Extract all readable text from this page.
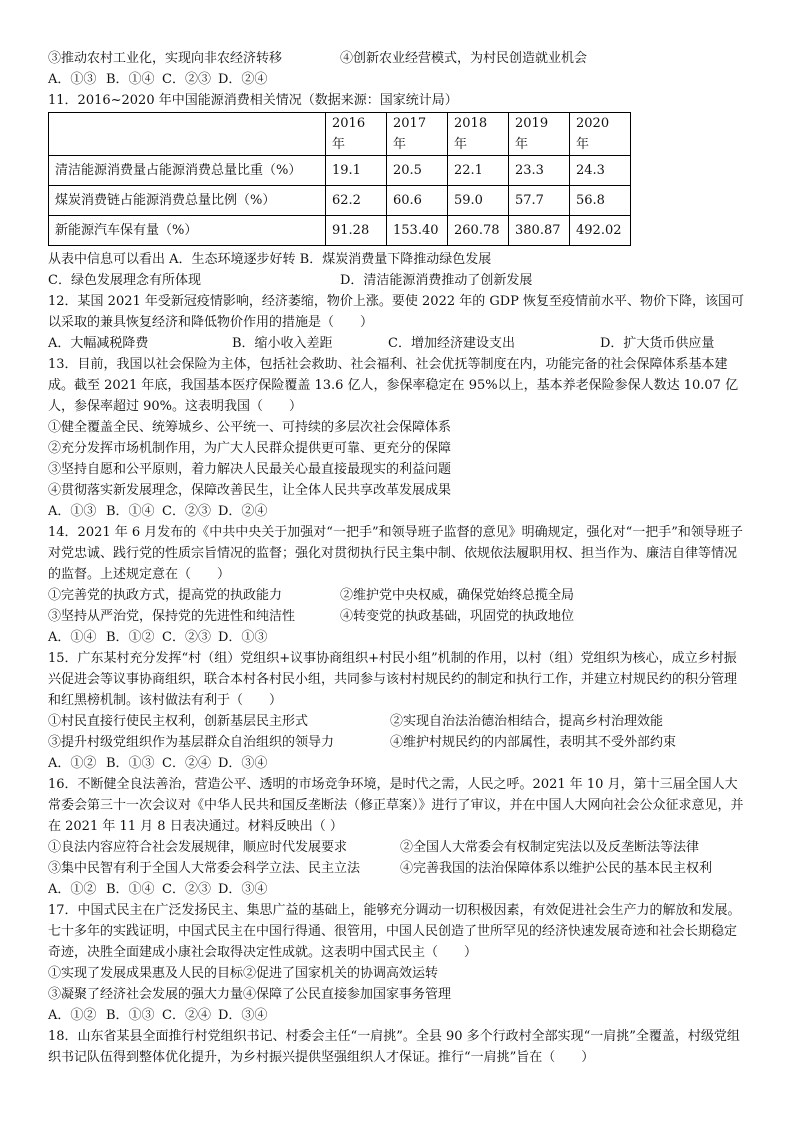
③推动农村工业化，实现向非农经济转移	④创新农业经营模式，为村民创造就业机会
A．①③ B．①④ C．②③ D．②④
11．2016~2020 年中国能源消费相关情况（数据来源：国家统计局）
	2016 年	2017 年	2018 年	2019 年	2020 年
清洁能源消费量占能源消费总量比重（%）	19.1	20.5	22.1	23.3	24.3
煤炭消费链占能源消费总量比例（%）	62.2	60.6	59.0	57.7	56.8
新能源汽车保有量（%）	91.28	153.40	260.78	380.87	492.02
从表中信息可以看出 A．生态环境逐步好转 B．煤炭消费量下降推动绿色发展
C．绿色发展理念有所体现	D．清洁能源消费推动了创新发展
12．某国 2021 年受新冠疫情影响，经济萎缩，物价上涨。要使 2022 年的 GDP 恢复至疫情前水平、物价下降，该国可以采取的兼具恢复经济和降低物价作用的措施是（　　）
A．大幅减税降费	B．缩小收入差距	C．增加经济建设支出	D．扩大货币供应量
13．目前，我国以社会保险为主体，包括社会救助、社会福利、社会优抚等制度在内，功能完备的社会保障体系基本建成。截至 2021 年底，我国基本医疗保险覆盖 13.6 亿人，参保率稳定在 95%以上，基本养老保险参保人数达 10.07 亿人，参保率超过 90%。这表明我国（　　）
①健全覆盖全民、统筹城乡、公平统一、可持续的多层次社会保障体系
②充分发挥市场机制作用，为广大人民群众提供更可靠、更充分的保障
③坚持自愿和公平原则，着力解决人民最关心最直接最现实的利益问题
④贯彻落实新发展理念，保障改善民生，让全体人民共享改革发展成果
A．①③ B．①④ C．②③ D．②④
14．2021 年 6 月发布的《中共中央关于加强对“一把手”和领导班子监督的意见》明确规定，强化对“一把手”和领导班子对党忠诚、践行党的性质宗旨情况的监督；强化对贯彻执行民主集中制、依规依法履职用权、担当作为、廉洁自律等情况的监督。上述规定意在（　　）
①完善党的执政方式，提高党的执政能力	②维护党中央权威，确保党始终总揽全局
③坚持从严治党，保持党的先进性和纯洁性	④转变党的执政基础，巩固党的执政地位
A．①④ B．①② C．②③ D．①③
15．广东某村充分发挥“村（组）党组织+议事协商组织+村民小组”机制的作用，以村（组）党组织为核心，成立乡村振兴促进会等议事协商组织，联合本村各村民小组，共同参与该村村规民约的制定和执行工作，并建立村规民约的积分管理和红黑榜机制。该村做法有利于（　　）
①村民直接行使民主权利，创新基层民主形式	②实现自治法治德治相结合，提高乡村治理效能
③提升村级党组织作为基层群众自治组织的领导力	④维护村规民约的内部属性，表明其不受外部约束
A．①② B．①③ C．②④ D．③④
16．不断健全良法善治，营造公平、透明的市场竞争环境，是时代之需，人民之呼。2021 年 10 月，第十三届全国人大常委会第三十一次会议对《中华人民共和国反垄断法（修正草案）》进行了审议，并在中国人大网向社会公众征求意见，并在 2021 年 11 月 8 日表决通过。材料反映出（ ）
①良法内容应符合社会发展规律，顺应时代发展要求	②全国人大常委会有权制定宪法以及反垄断法等法律
③集中民智有利于全国人大常委会科学立法、民主立法	④完善我国的法治保障体系以维护公民的基本民主权利
A．①② B．①④ C．②③ D．③④
17．中国式民主在广泛发扬民主、集思广益的基础上，能够充分调动一切积极因素，有效促进社会生产力的解放和发展。七十多年的实践证明，中国式民主在中国行得通、很管用，中国人民创造了世所罕见的经济快速发展奇迹和社会长期稳定奇迹，决胜全面建成小康社会取得决定性成就。这表明中国式民主（　　）
①实现了发展成果惠及人民的目标②促进了国家机关的协调高效运转
③凝聚了经济社会发展的强大力量④保障了公民直接参加国家事务管理
A．①② B．①③ C．②④ D．③④
18．山东省某县全面推行村党组织书记、村委会主任“一肩挑”。全县 90 多个行政村全部实现“一肩挑”全覆盖，村级党组织书记队伍得到整体优化提升，为乡村振兴提供坚强组织人才保证。推行“一肩挑”旨在（　　）
